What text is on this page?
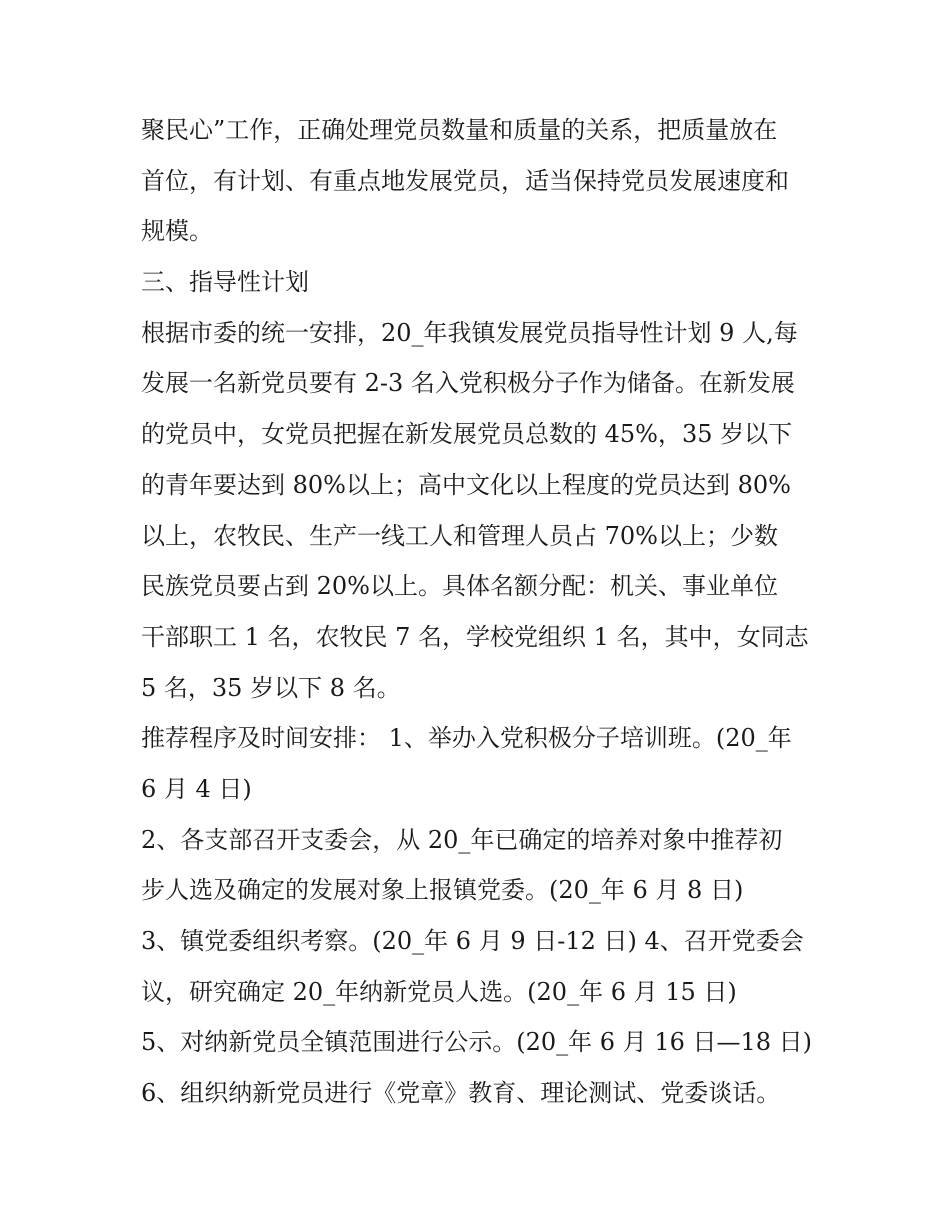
聚民心”工作，正确处理党员数量和质量的关系，把质量放在

首位，有计划、有重点地发展党员，适当保持党员发展速度和

规模。

三、指导性计划

根据市委的统一安排，20_年我镇发展党员指导性计划 9 人,每

发展一名新党员要有 2-3 名入党积极分子作为储备。在新发展

的党员中，女党员把握在新发展党员总数的 45%，35 岁以下

的青年要达到 80%以上；高中文化以上程度的党员达到 80%

以上，农牧民、生产一线工人和管理人员占 70%以上；少数

民族党员要占到 20%以上。具体名额分配：机关、事业单位

干部职工 1 名，农牧民 7 名，学校党组织 1 名，其中，女同志

5 名，35 岁以下 8 名。

推荐程序及时间安排： 1、举办入党积极分子培训班。(20_年

6 月 4 日)

2、各支部召开支委会，从 20_年已确定的培养对象中推荐初

步人选及确定的发展对象上报镇党委。(20_年 6 月 8 日)

3、镇党委组织考察。(20_年 6 月 9 日-12 日) 4、召开党委会

议，研究确定 20_年纳新党员人选。(20_年 6 月 15 日)

5、对纳新党员全镇范围进行公示。(20_年 6 月 16 日—18 日)

6、组织纳新党员进行《党章》教育、理论测试、党委谈话。
